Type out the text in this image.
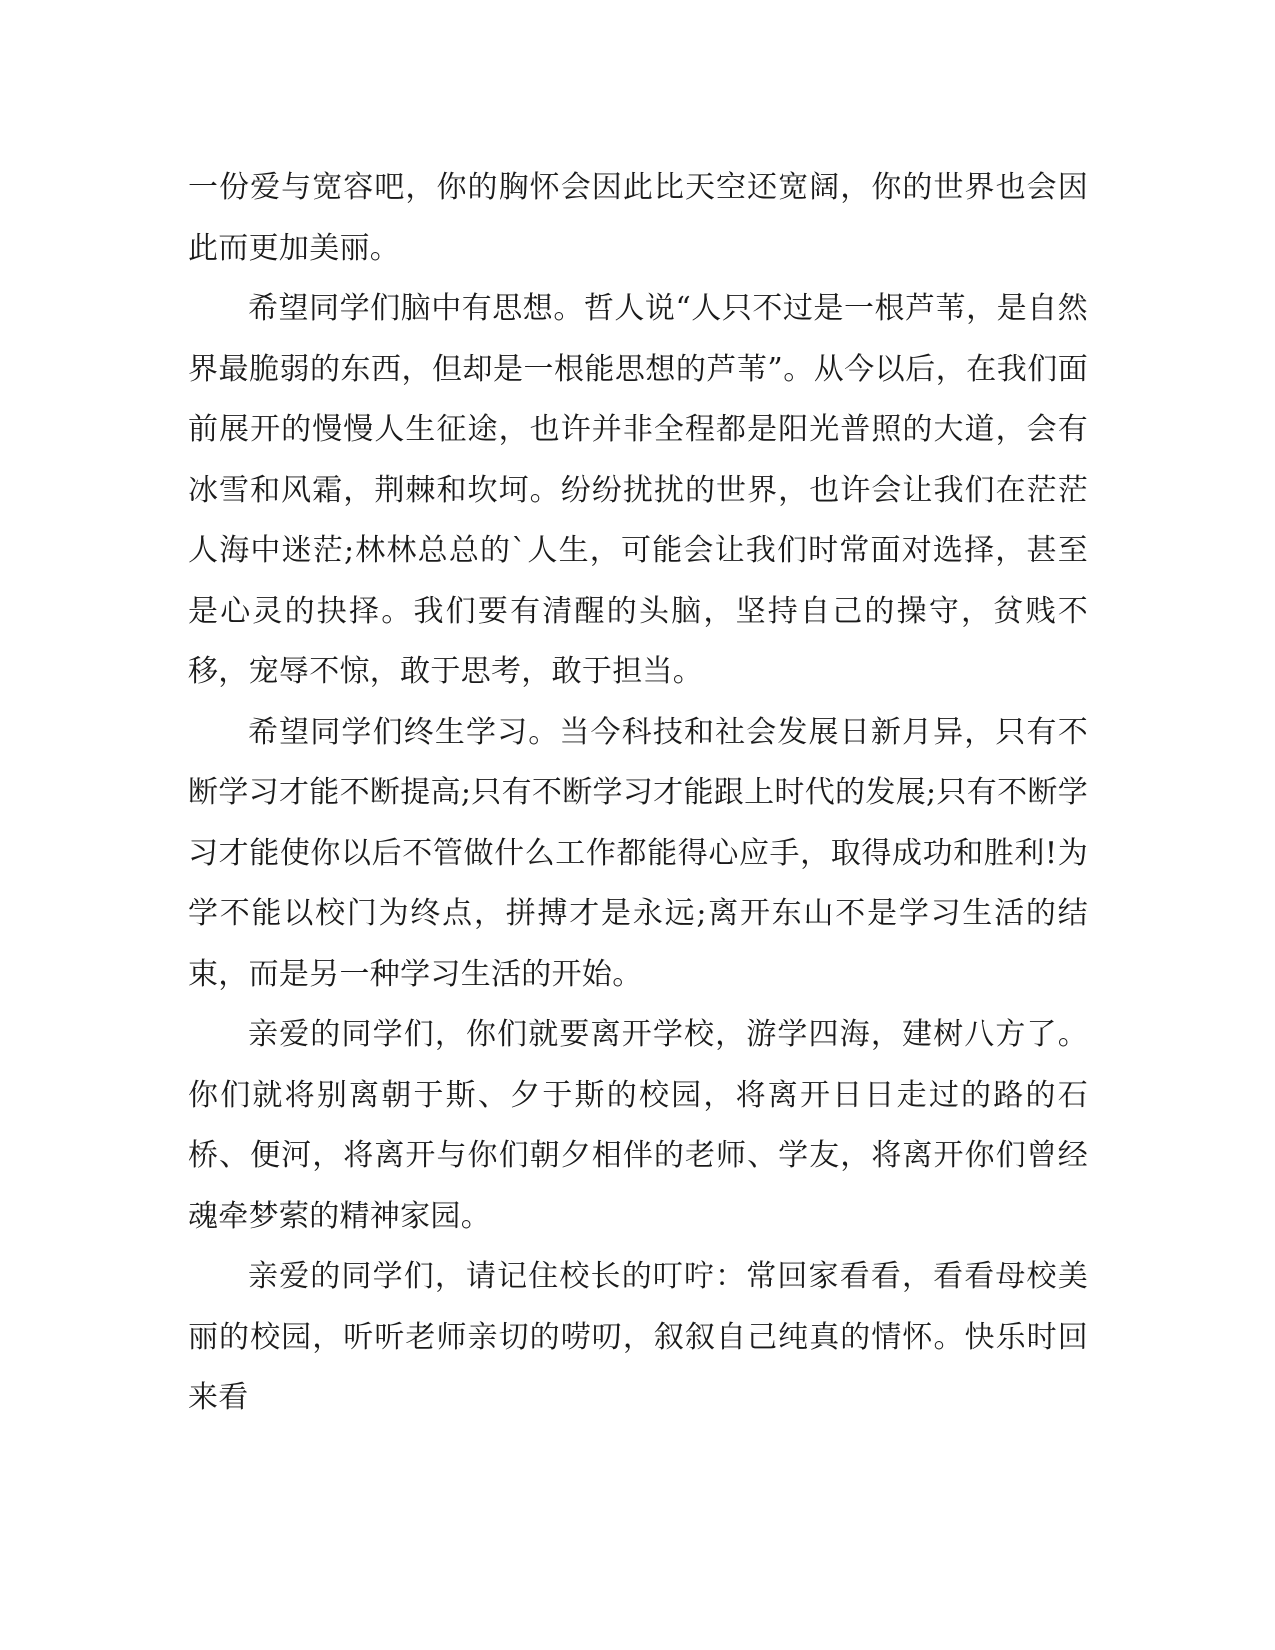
一份爱与宽容吧，你的胸怀会因此比天空还宽阔，你的世界也会因此而更加美丽。

希望同学们脑中有思想。哲人说“人只不过是一根芦苇，是自然界最脆弱的东西，但却是一根能思想的芦苇”。从今以后，在我们面前展开的慢慢人生征途，也许并非全程都是阳光普照的大道，会有冰雪和风霜，荆棘和坎坷。纷纷扰扰的世界，也许会让我们在茫茫人海中迷茫;林林总总的`人生，可能会让我们时常面对选择，甚至是心灵的抉择。我们要有清醒的头脑，坚持自己的操守，贫贱不移，宠辱不惊，敢于思考，敢于担当。

希望同学们终生学习。当今科技和社会发展日新月异，只有不断学习才能不断提高;只有不断学习才能跟上时代的发展;只有不断学习才能使你以后不管做什么工作都能得心应手，取得成功和胜利!为学不能以校门为终点，拼搏才是永远;离开东山不是学习生活的结束，而是另一种学习生活的开始。

亲爱的同学们，你们就要离开学校，游学四海，建树八方了。你们就将别离朝于斯、夕于斯的校园，将离开日日走过的路的石桥、便河，将离开与你们朝夕相伴的老师、学友，将离开你们曾经魂牵梦萦的精神家园。

亲爱的同学们，请记住校长的叮咛：常回家看看，看看母校美丽的校园，听听老师亲切的唠叨，叙叙自己纯真的情怀。快乐时回来看
